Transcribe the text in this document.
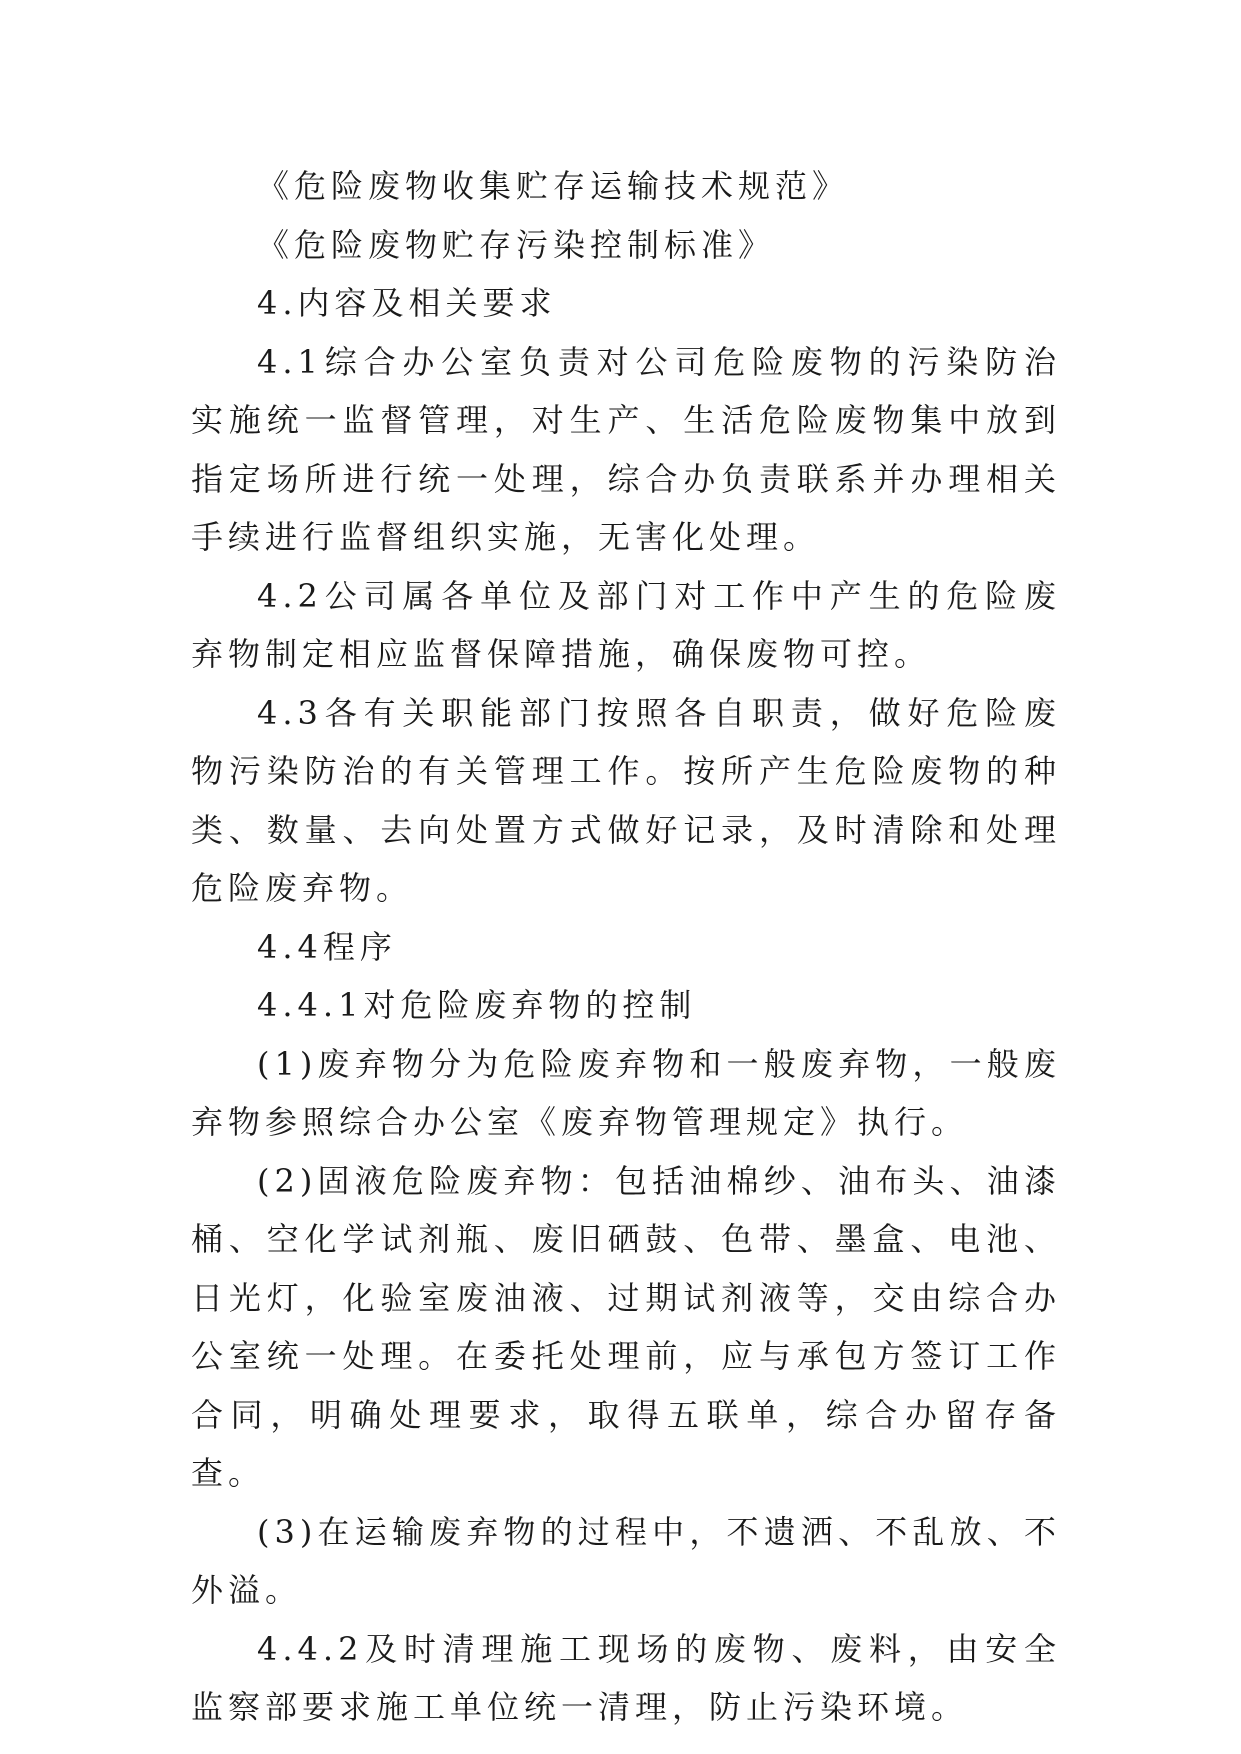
《危险废物收集贮存运输技术规范》

《危险废物贮存污染控制标准》

4.内容及相关要求

4.1综合办公室负责对公司危险废物的污染防治实施统一监督管理，对生产、生活危险废物集中放到指定场所进行统一处理，综合办负责联系并办理相关手续进行监督组织实施，无害化处理。

4.2公司属各单位及部门对工作中产生的危险废弃物制定相应监督保障措施，确保废物可控。

4.3各有关职能部门按照各自职责，做好危险废物污染防治的有关管理工作。按所产生危险废物的种类、数量、去向处置方式做好记录，及时清除和处理危险废弃物。

4.4程序

4.4.1对危险废弃物的控制

(1)废弃物分为危险废弃物和一般废弃物，一般废弃物参照综合办公室《废弃物管理规定》执行。

(2)固液危险废弃物：包括油棉纱、油布头、油漆桶、空化学试剂瓶、废旧硒鼓、色带、墨盒、电池、日光灯，化验室废油液、过期试剂液等，交由综合办公室统一处理。在委托处理前，应与承包方签订工作合同，明确处理要求，取得五联单，综合办留存备查。

(3)在运输废弃物的过程中，不遗洒、不乱放、不外溢。

4.4.2及时清理施工现场的废物、废料，由安全监察部要求施工单位统一清理，防止污染环境。
